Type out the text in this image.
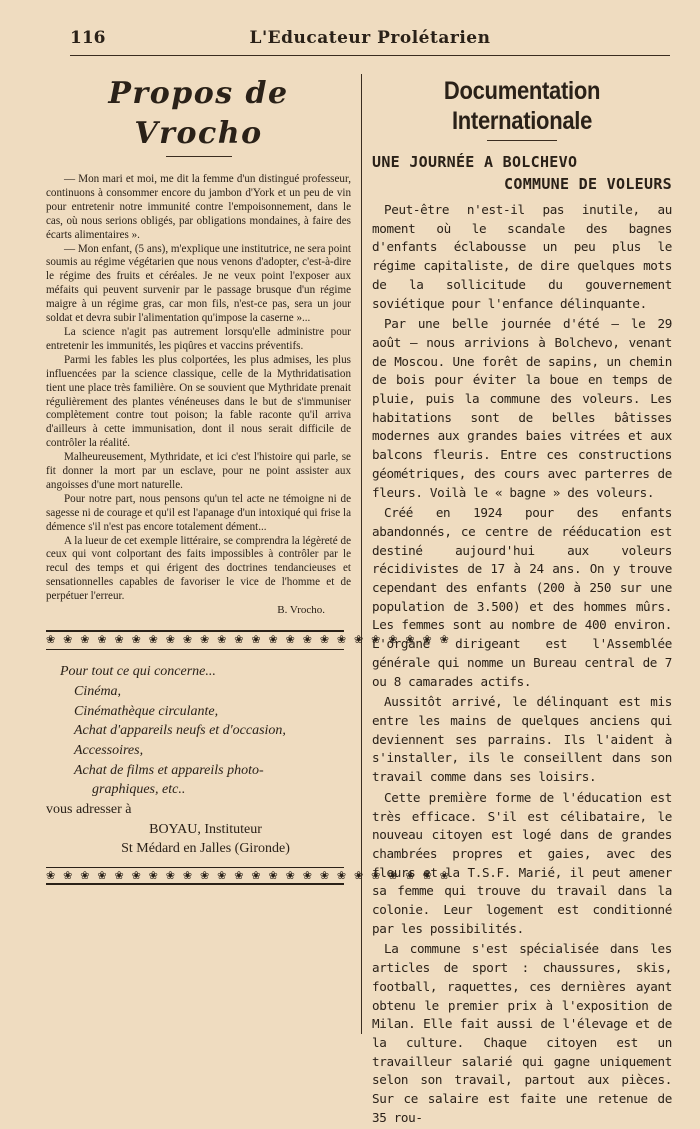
116	L'Educateur Prolétarien
Propos de Vrocho

— Mon mari et moi, me dit la femme d'un distingué professeur, continuons à consommer encore du jambon d'York et un peu de vin pour entretenir notre immunité contre l'empoisonnement, dans le cas, où nous serions obligés, par obligations mondaines, à faire des écarts alimentaires ».

— Mon enfant, (5 ans), m'explique une institutrice, ne sera point soumis au régime végétarien que nous venons d'adopter, c'est-à-dire le régime des fruits et céréales. Je ne veux point l'exposer aux méfaits qui peuvent survenir par le passage brusque d'un régime maigre à un régime gras, car mon fils, n'est-ce pas, sera un jour soldat et devra subir l'alimentation qu'impose la caserne »...

La science n'agit pas autrement lorsqu'elle administre pour entretenir les immunités, les piqûres et vaccins préventifs.

Parmi les fables les plus colportées, les plus admises, les plus influencées par la science classique, celle de la Mythridatisation tient une place très familière. On se souvient que Mythridate prenait régulièrement des plantes vénéneuses dans le but de s'immuniser complètement contre tout poison; la fable raconte qu'il arriva d'ailleurs à cette immunisation, dont il nous serait difficile de contrôler la réalité.

Malheureusement, Mythridate, et ici c'est l'histoire qui parle, se fit donner la mort par un esclave, pour ne point assister aux angoisses d'une mort naturelle.

Pour notre part, nous pensons qu'un tel acte ne témoigne ni de sagesse ni de courage et qu'il est l'apanage d'un intoxiqué qui frise la démence s'il n'est pas encore totalement dément...

A la lueur de cet exemple littéraire, se comprendra la légèreté de ceux qui vont colportant des faits impossibles à contrôler par le recul des temps et qui érigent des doctrines tendancieuses et sensationnelles capables de favoriser le vice de l'homme et de perpétuer l'erreur.

B. Vrocho.
❀ ❀ ❀ ❀ ❀ ❀ ❀ ❀ ❀ ❀ ❀ ❀ ❀ ❀ ❀ ❀ ❀ ❀ ❀ ❀ ❀ ❀ ❀ ❀
Pour tout ce qui concerne...
Cinéma,
Cinémathèque circulante,
Achat d'appareils neufs et d'occasion,
Accessoires,
Achat de films et appareils photo-
graphiques, etc..
vous adresser à
BOYAU, Instituteur
St Médard en Jalles (Gironde)
❀ ❀ ❀ ❀ ❀ ❀ ❀ ❀ ❀ ❀ ❀ ❀ ❀ ❀ ❀ ❀ ❀ ❀ ❀ ❀ ❀ ❀ ❀ ❀
Documentation Internationale
UNE JOURNÉE A BOLCHEVO
COMMUNE DE VOLEURS

Peut-être n'est-il pas inutile, au moment où le scandale des bagnes d'enfants éclabousse un peu plus le régime capitaliste, de dire quelques mots de la sollicitude du gouvernement soviétique pour l'enfance délinquante.

Par une belle journée d'été — le 29 août — nous arrivions à Bolchevo, venant de Moscou. Une forêt de sapins, un chemin de bois pour éviter la boue en temps de pluie, puis la commune des voleurs. Les habitations sont de belles bâtisses modernes aux grandes baies vitrées et aux balcons fleuris. Entre ces constructions géométriques, des cours avec parterres de fleurs. Voilà le « bagne » des voleurs.

Créé en 1924 pour des enfants abandonnés, ce centre de rééducation est destiné aujourd'hui aux voleurs récidivistes de 17 à 24 ans. On y trouve cependant des enfants (200 à 250 sur une population de 3.500) et des hommes mûrs. Les femmes sont au nombre de 400 environ. L'organe dirigeant est l'Assemblée générale qui nomme un Bureau central de 7 ou 8 camarades actifs.

Aussitôt arrivé, le délinquant est mis entre les mains de quelques anciens qui deviennent ses parrains. Ils l'aident à s'installer, ils le conseillent dans son travail comme dans ses loisirs.

Cette première forme de l'éducation est très efficace. S'il est célibataire, le nouveau citoyen est logé dans de grandes chambrées propres et gaies, avec des fleurs et la T.S.F. Marié, il peut amener sa femme qui trouve du travail dans la colonie. Leur logement est conditionné par les possibilités.

La commune s'est spécialisée dans les articles de sport : chaussures, skis, football, raquettes, ces dernières ayant obtenu le premier prix à l'exposition de Milan. Elle fait aussi de l'élevage et de la culture. Chaque citoyen est un travailleur salarié qui gagne uniquement selon son travail, partout aux pièces. Sur ce salaire est faite une retenue de 35 rou-
